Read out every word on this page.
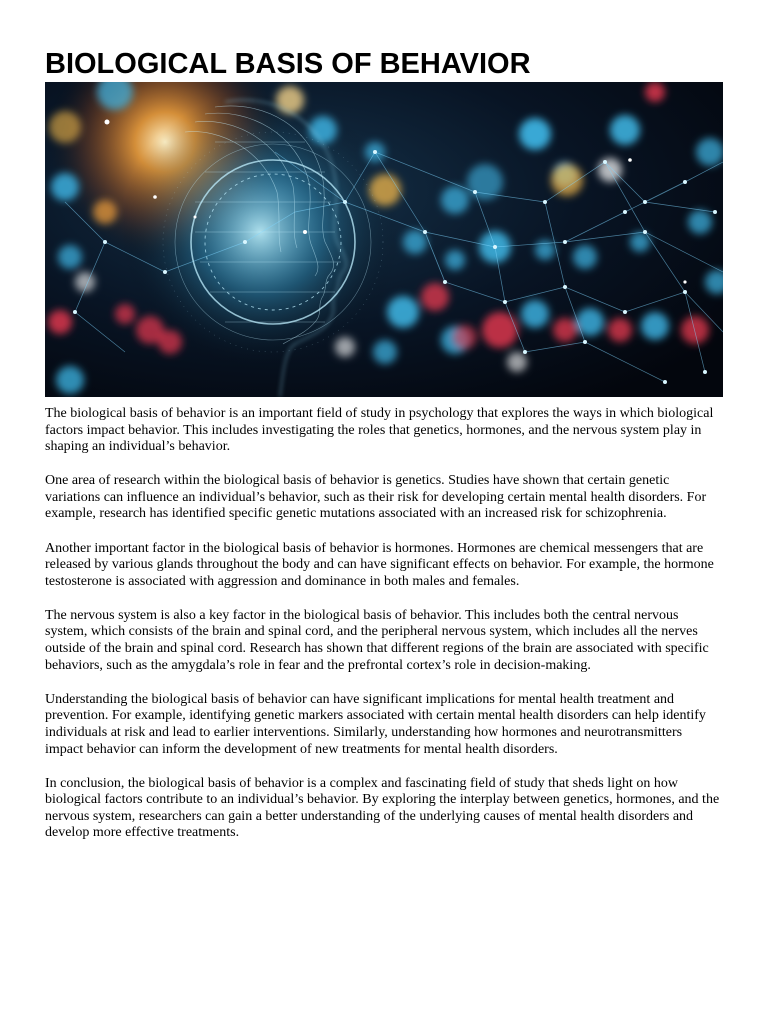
BIOLOGICAL BASIS OF BEHAVIOR

The biological basis of behavior is an important field of study in psychology that explores the ways in which biological factors impact behavior. This includes investigating the roles that genetics, hormones, and the nervous system play in shaping an individual’s behavior.

One area of research within the biological basis of behavior is genetics. Studies have shown that certain genetic variations can influence an individual’s behavior, such as their risk for developing certain mental health disorders. For example, research has identified specific genetic mutations associated with an increased risk for schizophrenia.

Another important factor in the biological basis of behavior is hormones. Hormones are chemical messengers that are released by various glands throughout the body and can have significant effects on behavior. For example, the hormone testosterone is associated with aggression and dominance in both males and females.

The nervous system is also a key factor in the biological basis of behavior. This includes both the central nervous system, which consists of the brain and spinal cord, and the peripheral nervous system, which includes all the nerves outside of the brain and spinal cord. Research has shown that different regions of the brain are associated with specific behaviors, such as the amygdala’s role in fear and the prefrontal cortex’s role in decision-making.

Understanding the biological basis of behavior can have significant implications for mental health treatment and prevention. For example, identifying genetic markers associated with certain mental health disorders can help identify individuals at risk and lead to earlier interventions. Similarly, understanding how hormones and neurotransmitters impact behavior can inform the development of new treatments for mental health disorders.

In conclusion, the biological basis of behavior is a complex and fascinating field of study that sheds light on how biological factors contribute to an individual’s behavior. By exploring the interplay between genetics, hormones, and the nervous system, researchers can gain a better understanding of the underlying causes of mental health disorders and develop more effective treatments.
